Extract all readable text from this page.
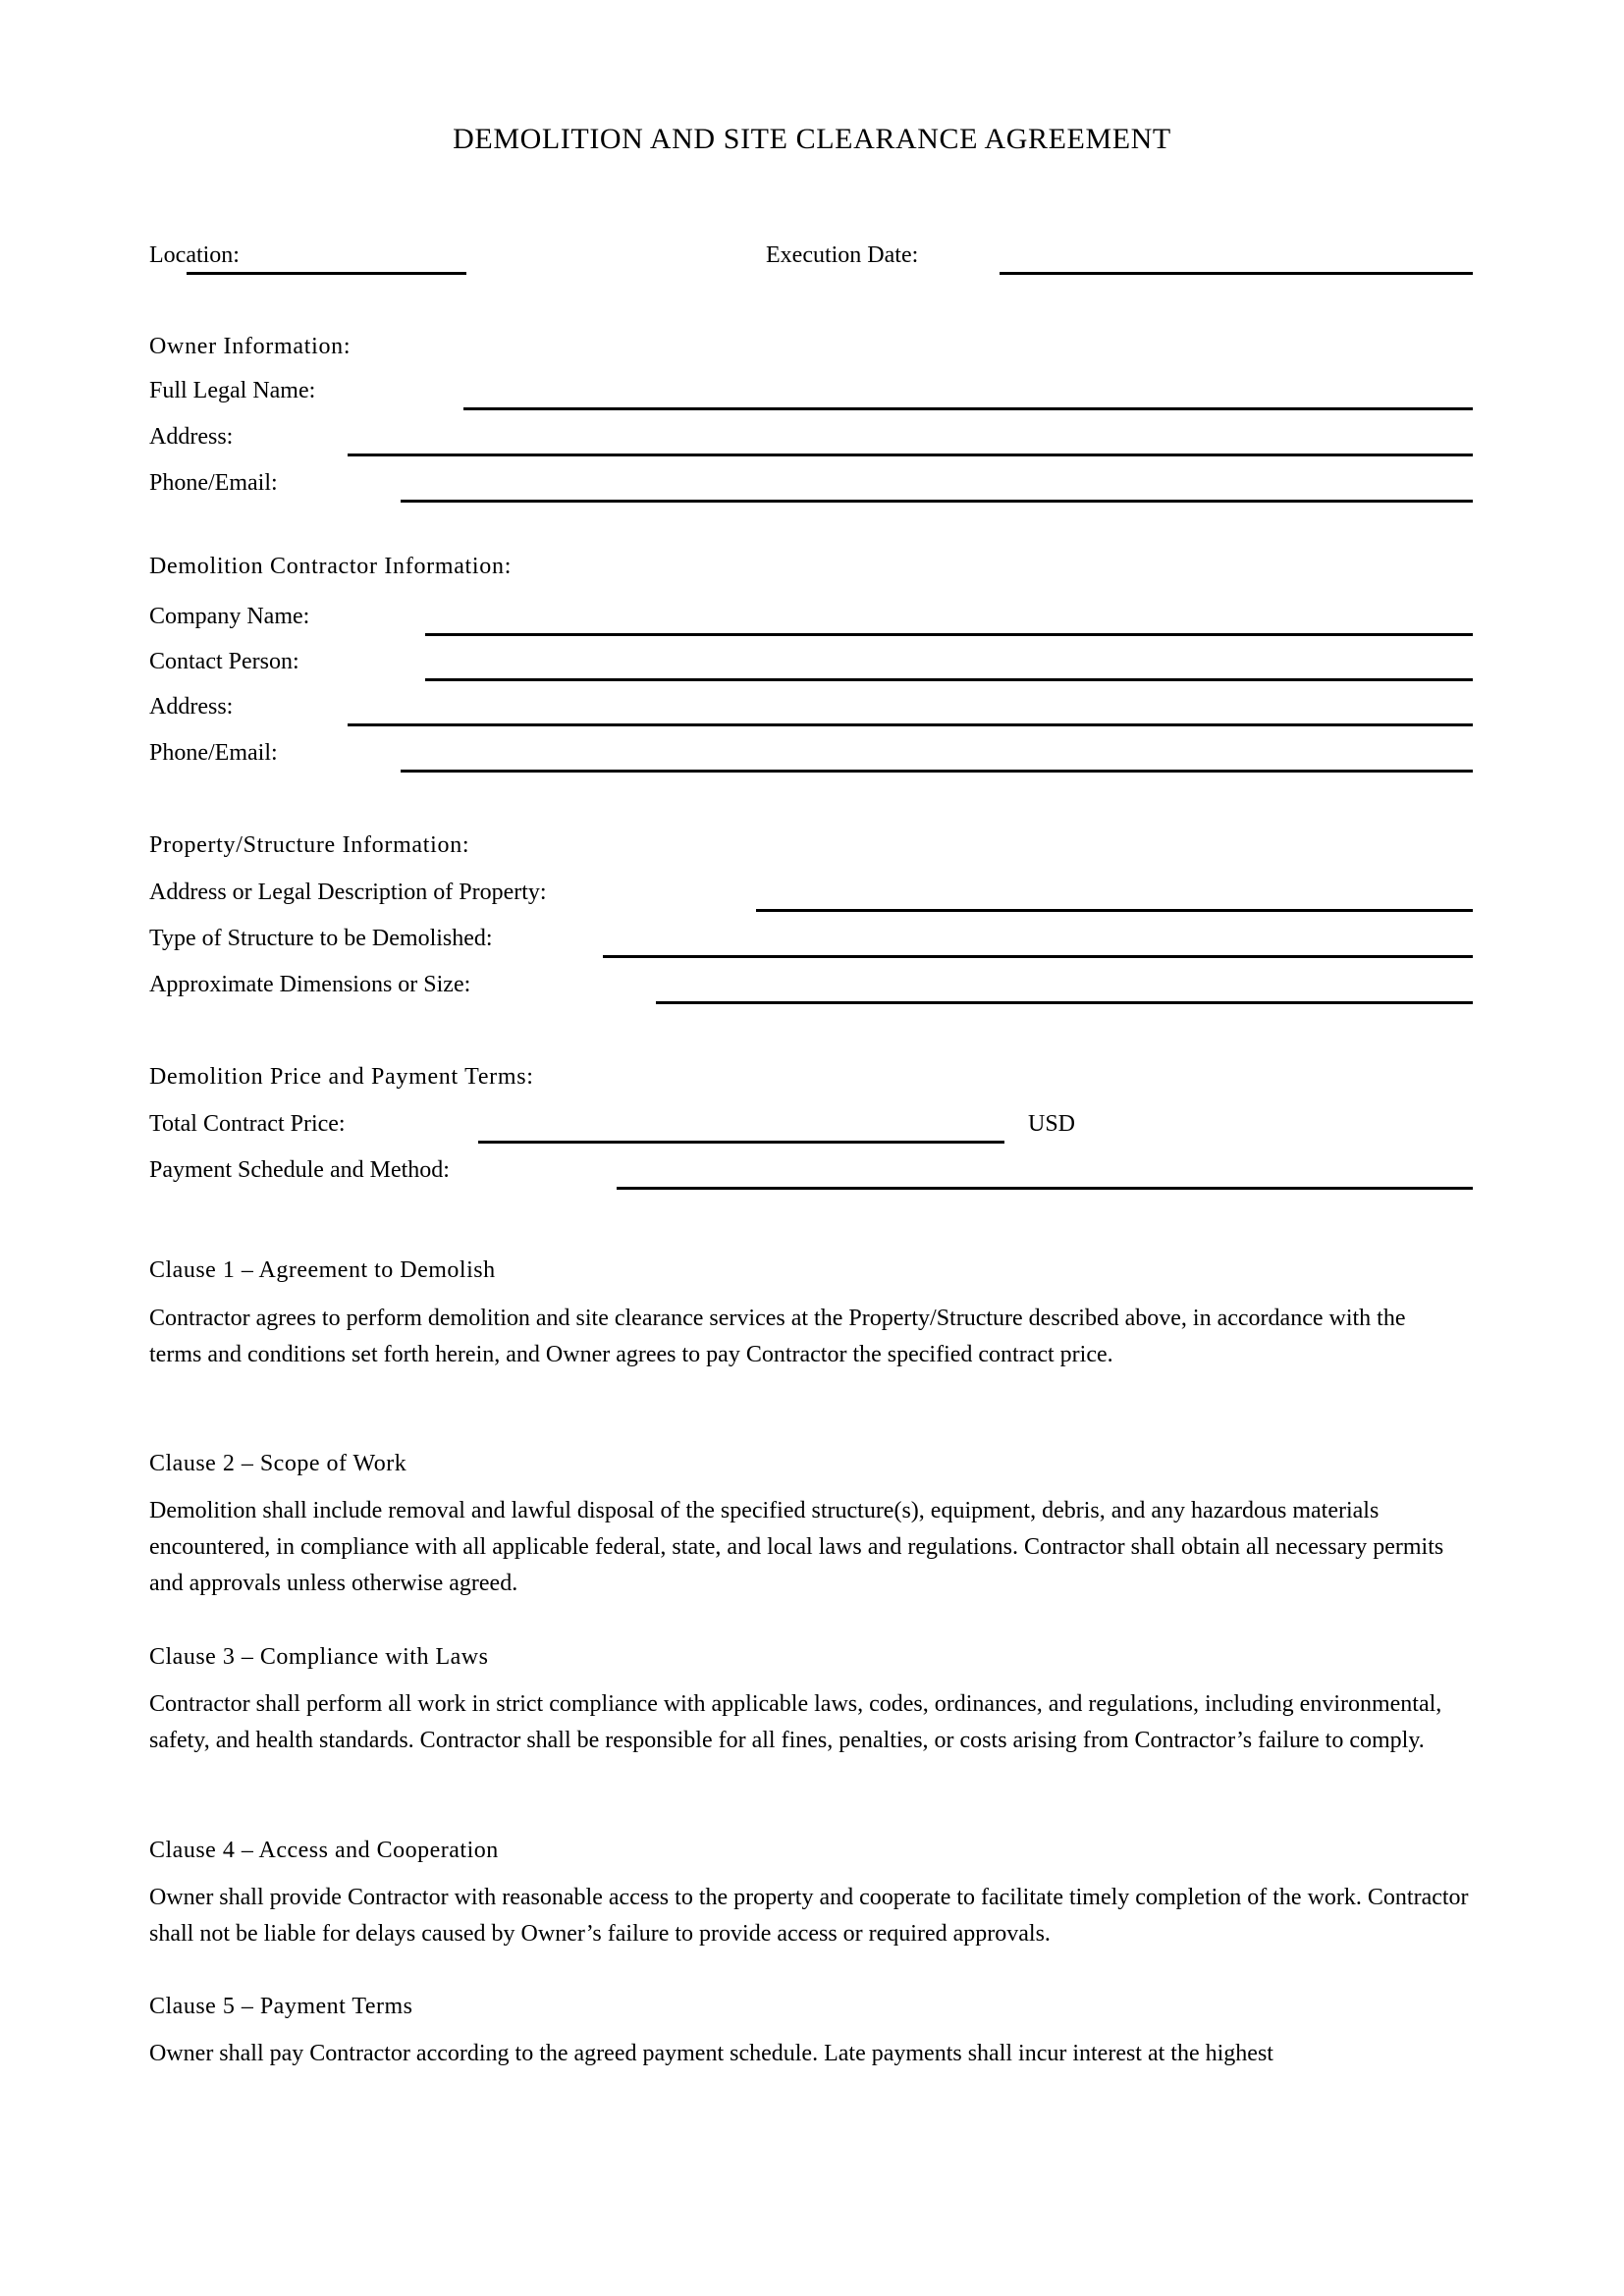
DEMOLITION AND SITE CLEARANCE AGREEMENT
Location:	Execution Date:
Owner Information:
Full Legal Name:
Address:
Phone/Email:
Demolition Contractor Information:
Company Name:
Contact Person:
Address:
Phone/Email:
Property/Structure Information:
Address or Legal Description of Property:
Type of Structure to be Demolished:
Approximate Dimensions or Size:
Demolition Price and Payment Terms:
Total Contract Price:	USD
Payment Schedule and Method:
Clause 1 – Agreement to Demolish
Contractor agrees to perform demolition and site clearance services at the Property/Structure described above, in accordance with the terms and conditions set forth herein, and Owner agrees to pay Contractor the specified contract price.
Clause 2 – Scope of Work
Demolition shall include removal and lawful disposal of the specified structure(s), equipment, debris, and any hazardous materials encountered, in compliance with all applicable federal, state, and local laws and regulations. Contractor shall obtain all necessary permits and approvals unless otherwise agreed.
Clause 3 – Compliance with Laws
Contractor shall perform all work in strict compliance with applicable laws, codes, ordinances, and regulations, including environmental, safety, and health standards. Contractor shall be responsible for all fines, penalties, or costs arising from Contractor’s failure to comply.
Clause 4 – Access and Cooperation
Owner shall provide Contractor with reasonable access to the property and cooperate to facilitate timely completion of the work. Contractor shall not be liable for delays caused by Owner’s failure to provide access or required approvals.
Clause 5 – Payment Terms
Owner shall pay Contractor according to the agreed payment schedule. Late payments shall incur interest at the highest
